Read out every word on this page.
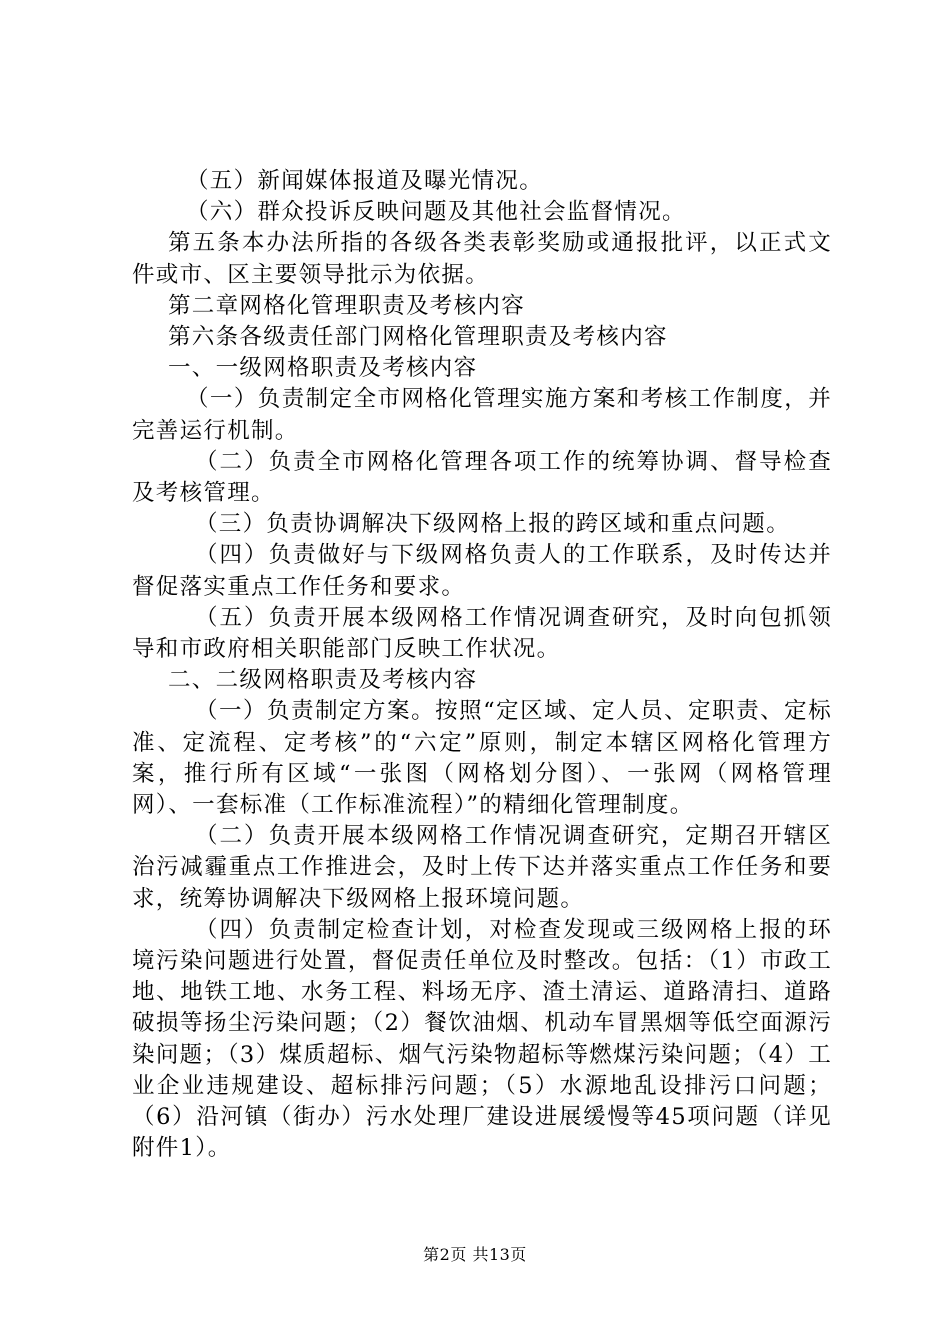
（五）新闻媒体报道及曝光情况。

（六）群众投诉反映问题及其他社会监督情况。

第五条本办法所指的各级各类表彰奖励或通报批评，以正式文件或市、区主要领导批示为依据。

第二章网格化管理职责及考核内容

第六条各级责任部门网格化管理职责及考核内容

一、一级网格职责及考核内容

（一）负责制定全市网格化管理实施方案和考核工作制度，并完善运行机制。

（二）负责全市网格化管理各项工作的统筹协调、督导检查及考核管理。

（三）负责协调解决下级网格上报的跨区域和重点问题。

（四）负责做好与下级网格负责人的工作联系，及时传达并督促落实重点工作任务和要求。

（五）负责开展本级网格工作情况调查研究，及时向包抓领导和市政府相关职能部门反映工作状况。

二、二级网格职责及考核内容

（一）负责制定方案。按照“定区域、定人员、定职责、定标准、定流程、定考核”的“六定”原则，制定本辖区网格化管理方案，推行所有区域“一张图（网格划分图）、一张网（网格管理网）、一套标准（工作标准流程）”的精细化管理制度。

（二）负责开展本级网格工作情况调查研究，定期召开辖区治污减霾重点工作推进会，及时上传下达并落实重点工作任务和要求，统筹协调解决下级网格上报环境问题。

（四）负责制定检查计划，对检查发现或三级网格上报的环境污染问题进行处置，督促责任单位及时整改。包括：（1）市政工地、地铁工地、水务工程、料场无序、渣土清运、道路清扫、道路破损等扬尘污染问题；（2）餐饮油烟、机动车冒黑烟等低空面源污染问题；（3）煤质超标、烟气污染物超标等燃煤污染问题；（4）工业企业违规建设、超标排污问题；（5）水源地乱设排污口问题；（6）沿河镇（街办）污水处理厂建设进展缓慢等45项问题（详见附件1）。

第2页 共13页
